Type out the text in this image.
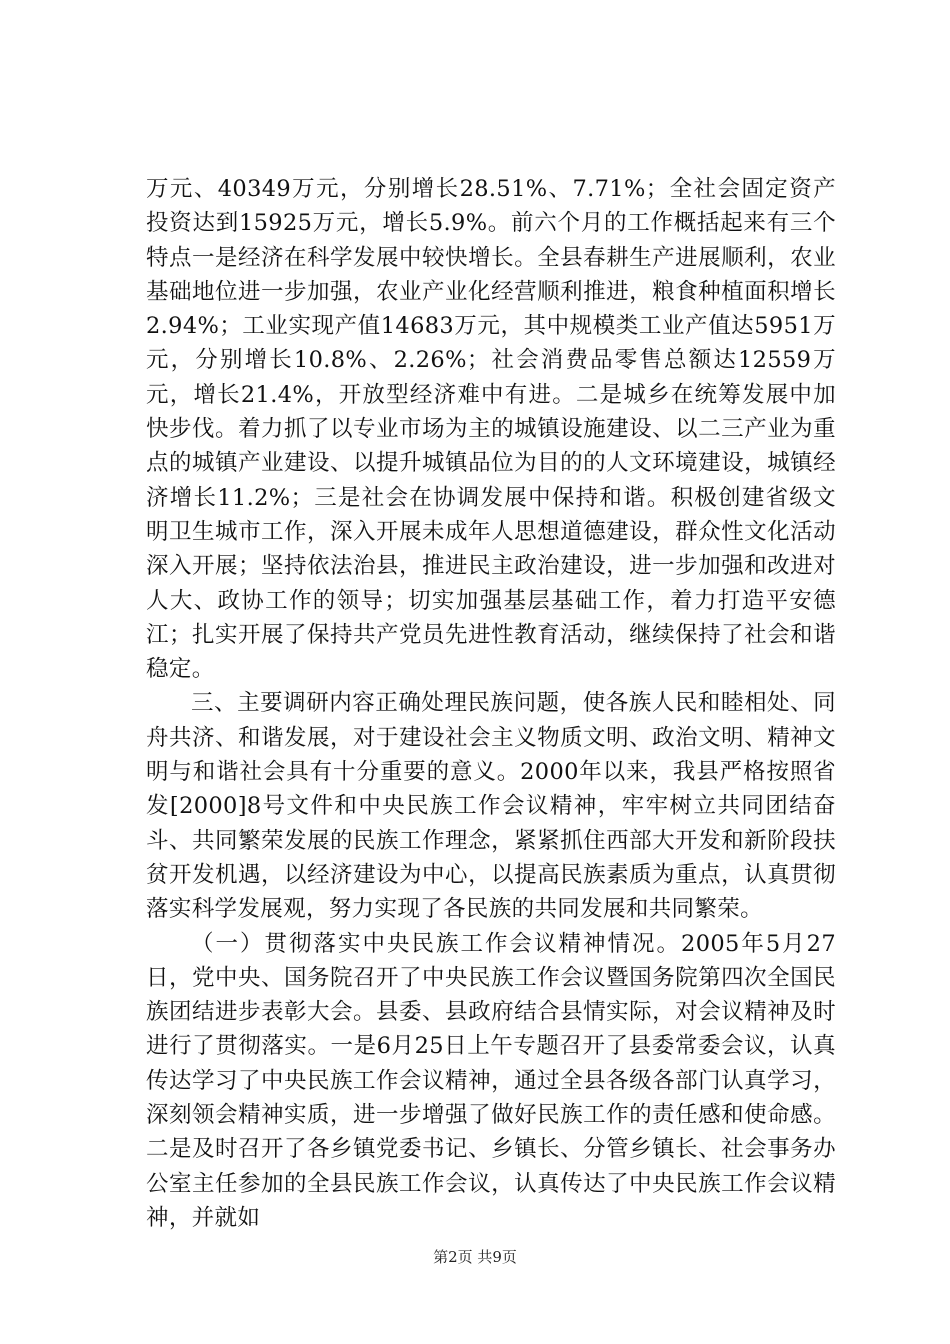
万元、40349万元，分别增长28.51%、7.71%；全社会固定资产投资达到15925万元，增长5.9%。前六个月的工作概括起来有三个特点一是经济在科学发展中较快增长。全县春耕生产进展顺利，农业基础地位进一步加强，农业产业化经营顺利推进，粮食种植面积增长2.94%；工业实现产值14683万元，其中规模类工业产值达5951万元，分别增长10.8%、2.26%；社会消费品零售总额达12559万元，增长21.4%，开放型经济难中有进。二是城乡在统筹发展中加快步伐。着力抓了以专业市场为主的城镇设施建设、以二三产业为重点的城镇产业建设、以提升城镇品位为目的的人文环境建设，城镇经济增长11.2%；三是社会在协调发展中保持和谐。积极创建省级文明卫生城市工作，深入开展未成年人思想道德建设，群众性文化活动深入开展；坚持依法治县，推进民主政治建设，进一步加强和改进对人大、政协工作的领导；切实加强基层基础工作，着力打造平安德江；扎实开展了保持共产党员先进性教育活动，继续保持了社会和谐稳定。

三、主要调研内容正确处理民族问题，使各族人民和睦相处、同舟共济、和谐发展，对于建设社会主义物质文明、政治文明、精神文明与和谐社会具有十分重要的意义。2000年以来，我县严格按照省发[2000]8号文件和中央民族工作会议精神，牢牢树立共同团结奋斗、共同繁荣发展的民族工作理念，紧紧抓住西部大开发和新阶段扶贫开发机遇，以经济建设为中心，以提高民族素质为重点，认真贯彻落实科学发展观，努力实现了各民族的共同发展和共同繁荣。

（一）贯彻落实中央民族工作会议精神情况。2005年5月27日，党中央、国务院召开了中央民族工作会议暨国务院第四次全国民族团结进步表彰大会。县委、县政府结合县情实际，对会议精神及时进行了贯彻落实。一是6月25日上午专题召开了县委常委会议，认真传达学习了中央民族工作会议精神，通过全县各级各部门认真学习，深刻领会精神实质，进一步增强了做好民族工作的责任感和使命感。二是及时召开了各乡镇党委书记、乡镇长、分管乡镇长、社会事务办公室主任参加的全县民族工作会议，认真传达了中央民族工作会议精神，并就如

第2页 共9页
